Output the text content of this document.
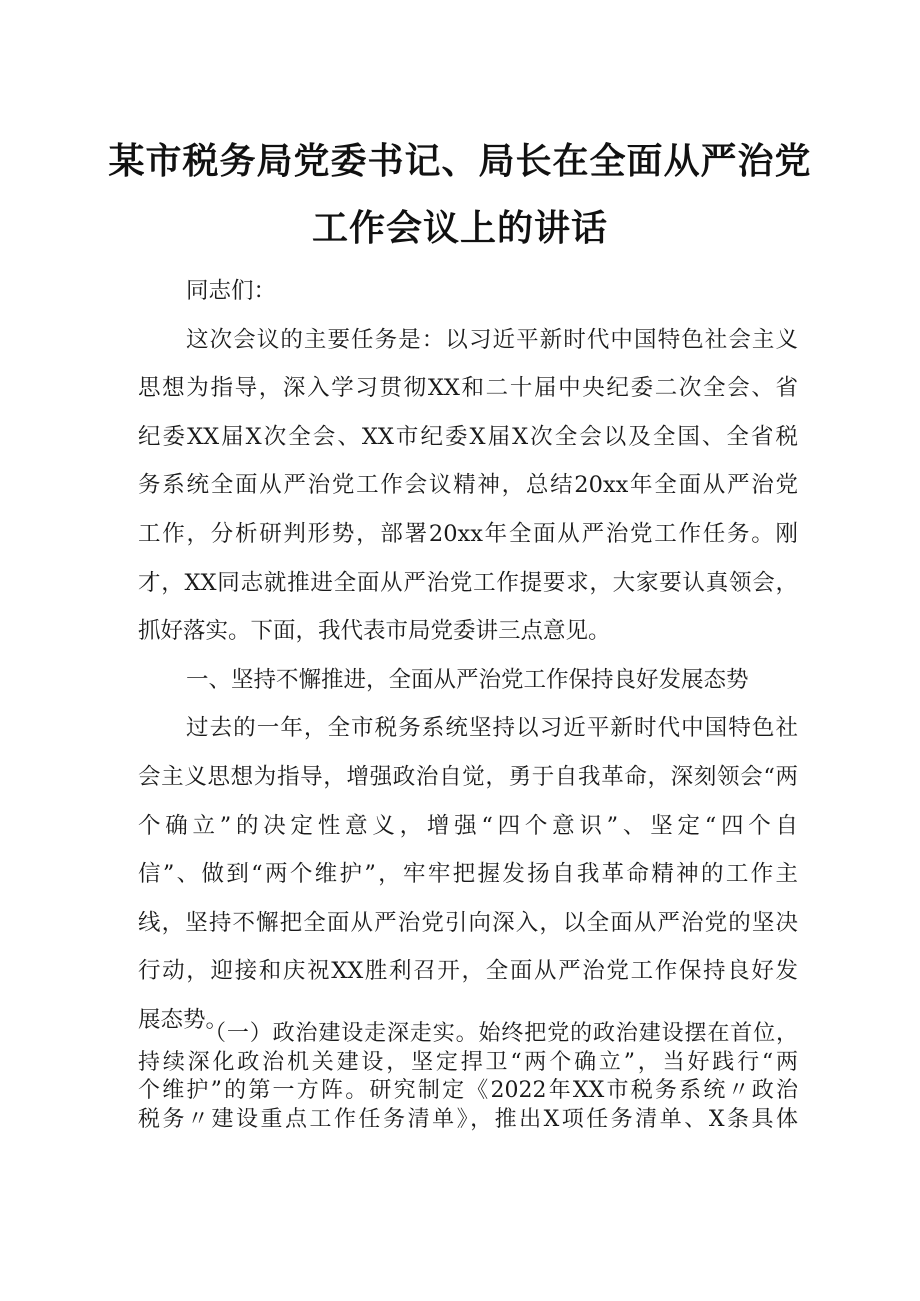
某市税务局党委书记、局长在全面从严治党
工作会议上的讲话
同志们：
这次会议的主要任务是：以习近平新时代中国特色社会主义
思想为指导，深入学习贯彻XX和二十届中央纪委二次全会、省
纪委XX届X次全会、XX市纪委X届X次全会以及全国、全省税
务系统全面从严治党工作会议精神，总结20xx年全面从严治党
工作，分析研判形势，部署20xx年全面从严治党工作任务。刚
才，XX同志就推进全面从严治党工作提要求，大家要认真领会，
抓好落实。下面，我代表市局党委讲三点意见。
一、坚持不懈推进，全面从严治党工作保持良好发展态势
过去的一年，全市税务系统坚持以习近平新时代中国特色社
会主义思想为指导，增强政治自觉，勇于自我革命，深刻领会“两
个确立”的决定性意义，增强“四个意识”、坚定“四个自
信”、做到“两个维护”，牢牢把握发扬自我革命精神的工作主
线，坚持不懈把全面从严治党引向深入，以全面从严治党的坚决
行动，迎接和庆祝XX胜利召开，全面从严治党工作保持良好发
展态势。
（一）政治建设走深走实。始终把党的政治建设摆在首位，
持续深化政治机关建设，坚定捍卫“两个确立”，当好践行“两
个维护”的第一方阵。研究制定《2022年XX市税务系统〃政治
税务〃建设重点工作任务清单》，推出X项任务清单、X条具体
